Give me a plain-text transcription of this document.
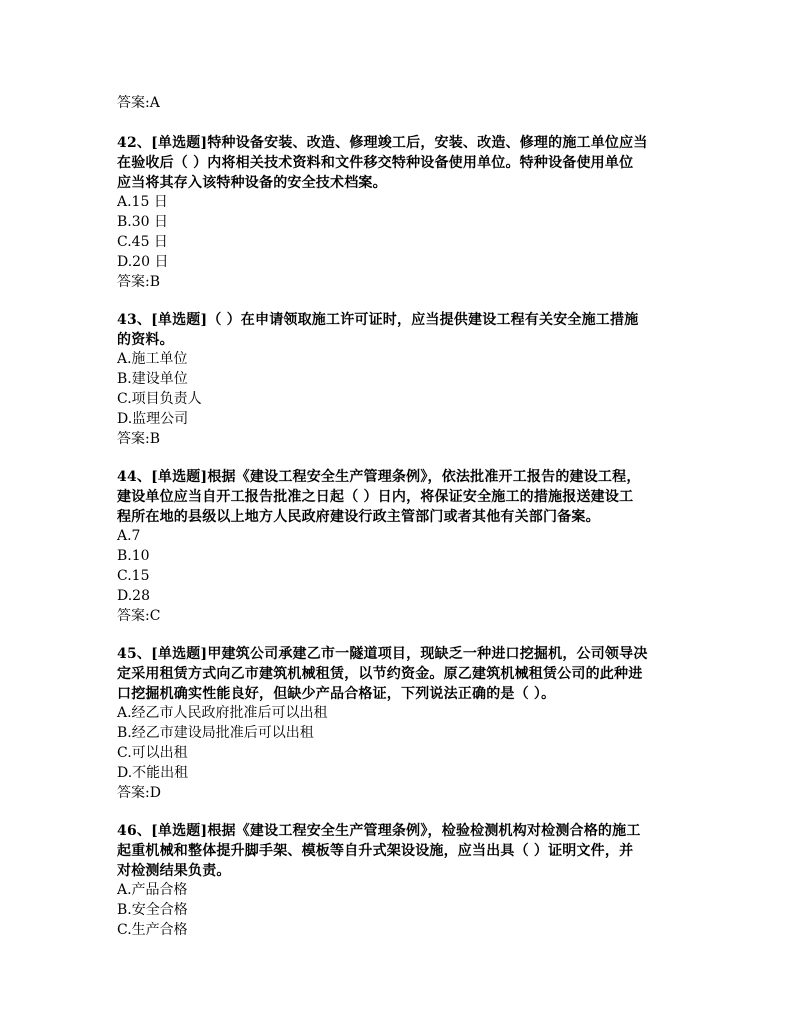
答案:A
42、[单选题]特种设备安装、改造、修理竣工后，安装、改造、修理的施工单位应当
在验收后（ ）内将相关技术资料和文件移交特种设备使用单位。特种设备使用单位
应当将其存入该特种设备的安全技术档案。
A.15 日
B.30 日
C.45 日
D.20 日
答案:B
43、[单选题]（ ）在申请领取施工许可证时，应当提供建设工程有关安全施工措施
的资料。
A.施工单位
B.建设单位
C.项目负责人
D.监理公司
答案:B
44、[单选题]根据《建设工程安全生产管理条例》，依法批准开工报告的建设工程，
建设单位应当自开工报告批准之日起（ ）日内，将保证安全施工的措施报送建设工
程所在地的县级以上地方人民政府建设行政主管部门或者其他有关部门备案。
A.7
B.10
C.15
D.28
答案:C
45、[单选题]甲建筑公司承建乙市一隧道项目，现缺乏一种进口挖掘机，公司领导决
定采用租赁方式向乙市建筑机械租赁，以节约资金。原乙建筑机械租赁公司的此种进
口挖掘机确实性能良好，但缺少产品合格证，下列说法正确的是（ ）。
A.经乙市人民政府批准后可以出租
B.经乙市建设局批准后可以出租
C.可以出租
D.不能出租
答案:D
46、[单选题]根据《建设工程安全生产管理条例》，检验检测机构对检测合格的施工
起重机械和整体提升脚手架、模板等自升式架设设施，应当出具（ ）证明文件，并
对检测结果负责。
A.产品合格
B.安全合格
C.生产合格
